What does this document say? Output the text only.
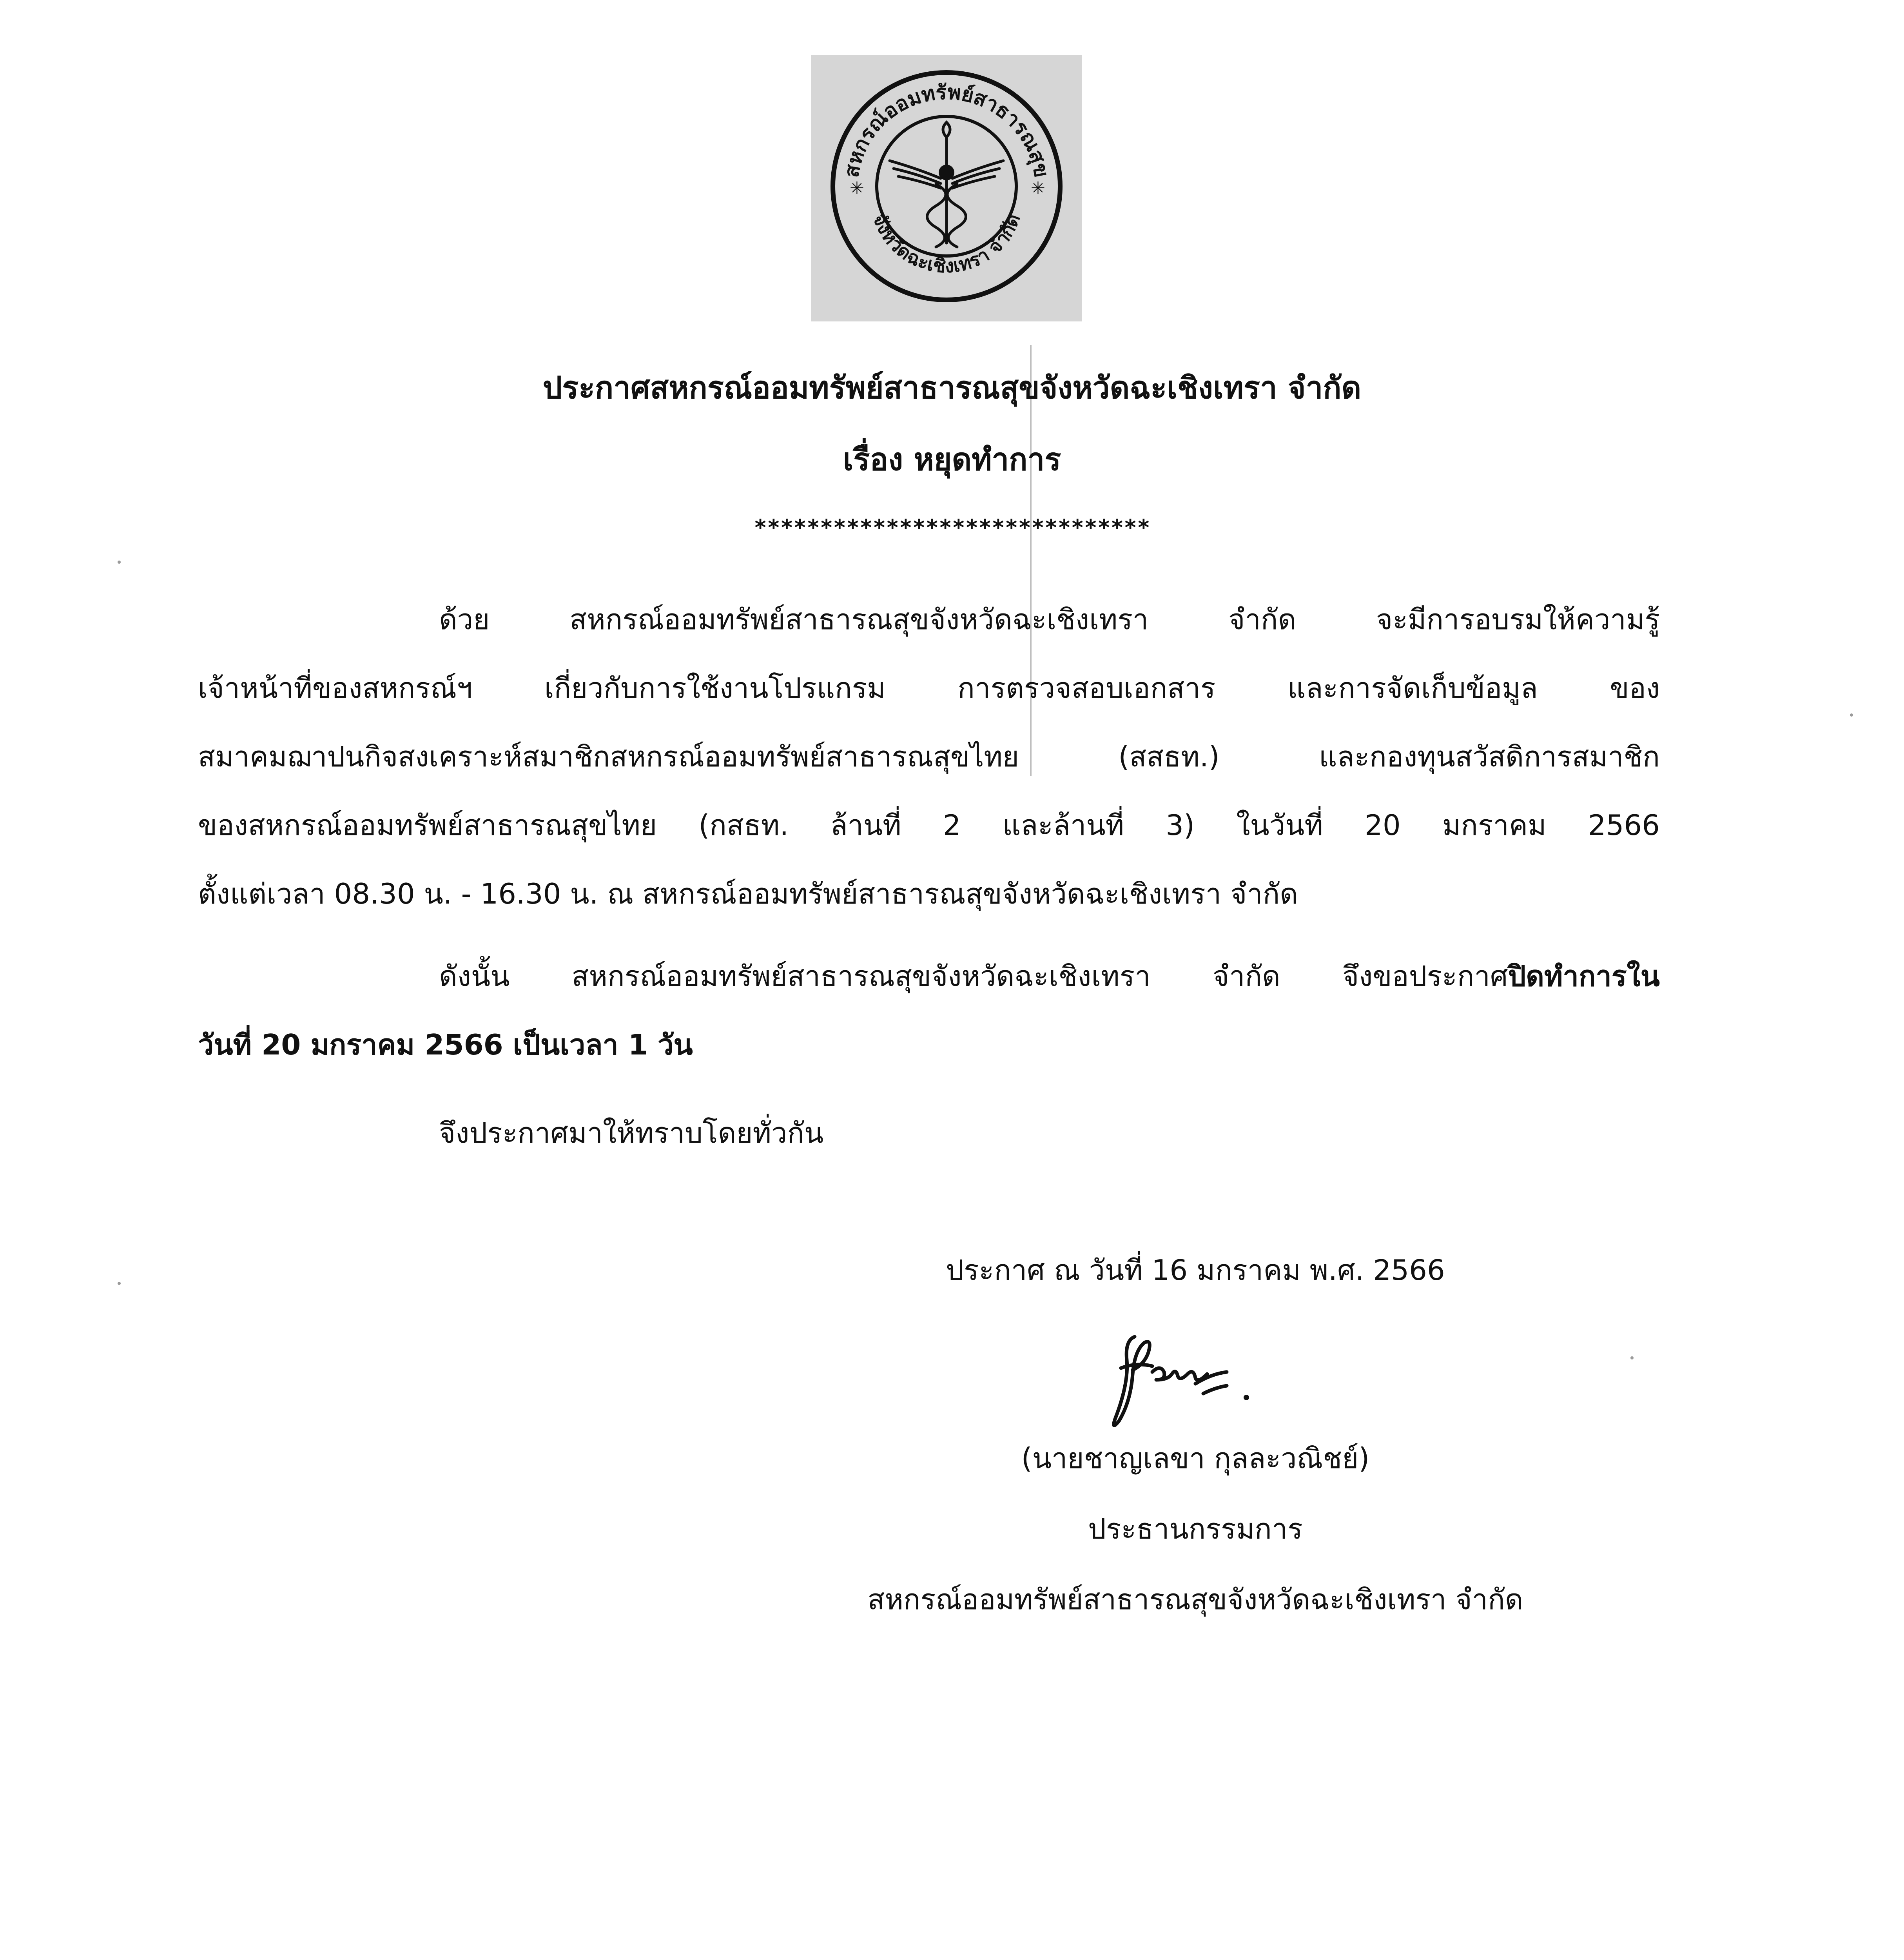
สหกรณ์ออมทรัพย์สาธารณสุข
จังหวัดฉะเชิงเทรา จำกัด
✳	✳
ประกาศสหกรณ์ออมทรัพย์สาธารณสุขจังหวัดฉะเชิงเทรา จำกัด
เรื่อง หยุดทำการ
******************************
ด้วย สหกรณ์ออมทรัพย์สาธารณสุขจังหวัดฉะเชิงเทรา จำกัด จะมีการอบรมให้ความรู้
เจ้าหน้าที่ของสหกรณ์ฯ เกี่ยวกับการใช้งานโปรแกรม การตรวจสอบเอกสาร และการจัดเก็บข้อมูล ของ
สมาคมฌาปนกิจสงเคราะห์สมาชิกสหกรณ์ออมทรัพย์สาธารณสุขไทย (สสธท.) และกองทุนสวัสดิการสมาชิก
ของสหกรณ์ออมทรัพย์สาธารณสุขไทย (กสธท. ล้านที่ 2 และล้านที่ 3) ในวันที่ 20 มกราคม 2566
ตั้งแต่เวลา 08.30 น. - 16.30 น. ณ สหกรณ์ออมทรัพย์สาธารณสุขจังหวัดฉะเชิงเทรา จำกัด
ดังนั้น สหกรณ์ออมทรัพย์สาธารณสุขจังหวัดฉะเชิงเทรา จำกัด จึงขอประกาศปิดทำการใน
วันที่ 20 มกราคม 2566 เป็นเวลา 1 วัน
จึงประกาศมาให้ทราบโดยทั่วกัน
ประกาศ ณ วันที่ 16 มกราคม พ.ศ. 2566
(นายชาญเลขา กุลละวณิชย์)
ประธานกรรมการ
สหกรณ์ออมทรัพย์สาธารณสุขจังหวัดฉะเชิงเทรา จำกัด
